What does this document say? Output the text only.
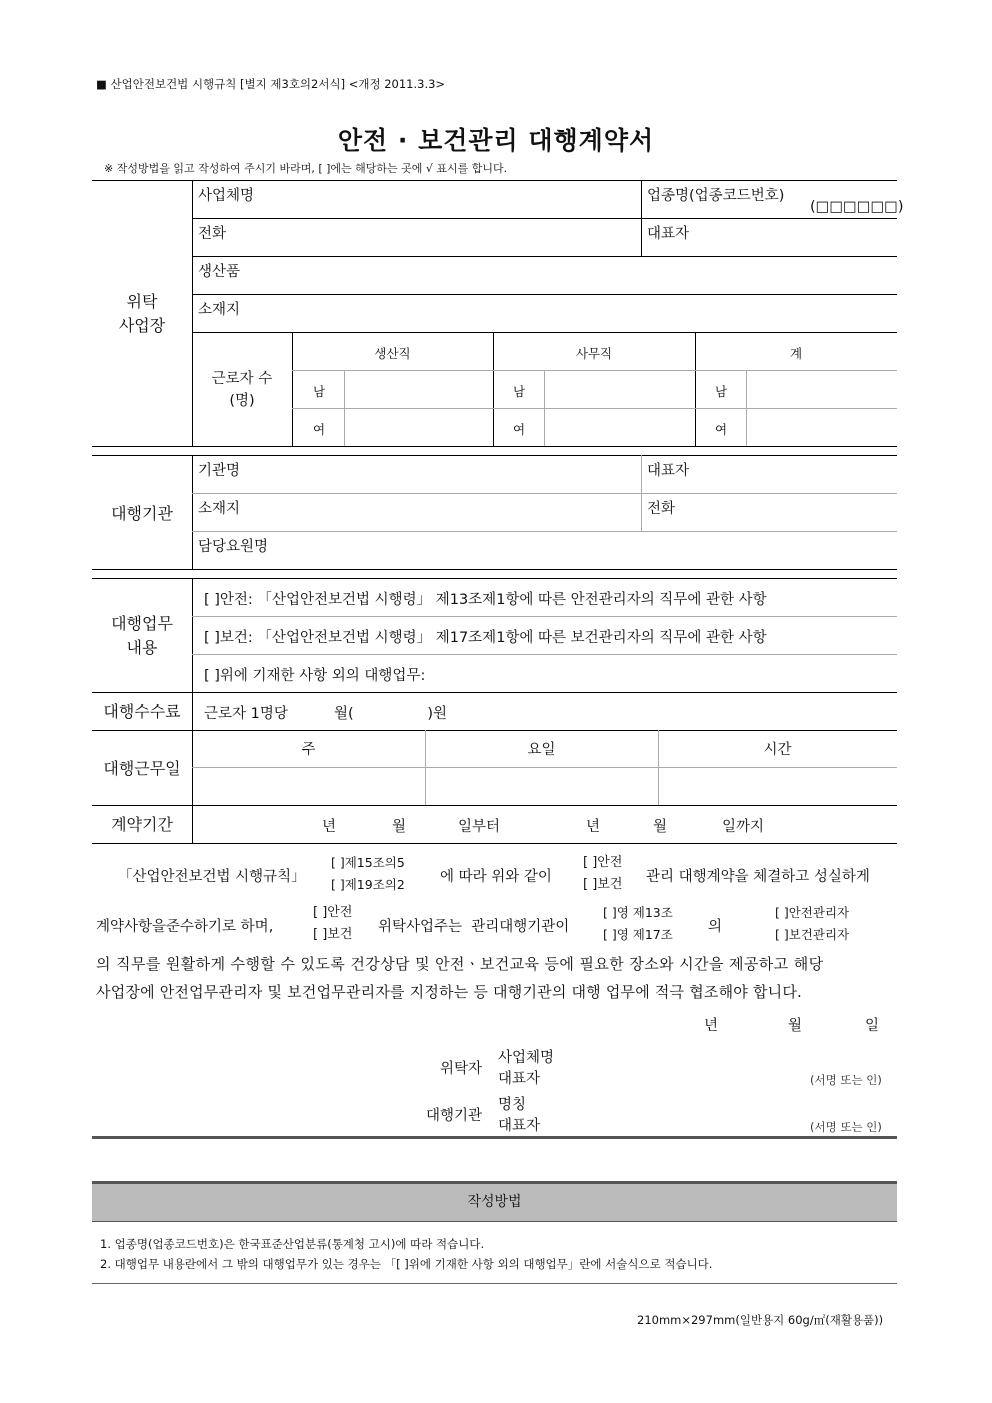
■ 산업안전보건법 시행규칙 [별지 제3호의2서식] <개정 2011.3.3>
안전 · 보건관리 대행계약서
※ 작성방법을 읽고 작성하여 주시기 바라며, [ ]에는 해당하는 곳에 √ 표시를 합니다.
위탁
사업장
사업체명	업종명(업종코드번호)
(□□□□□□)
전화	대표자
생산품
소재지
근로자 수
(명)
생산직	사무직	계
남	남	남
여	여	여
대행기관
기관명	대표자
소재지	전화
담당요원명
대행업무
내용
[ ]안전: 「산업안전보건법 시행령」 제13조제1항에 따른 안전관리자의 직무에 관한 사항
[ ]보건: 「산업안전보건법 시행령」 제17조제1항에 따른 보건관리자의 직무에 관한 사항
[ ]위에 기재한 사항 외의 대행업무:
대행수수료	근로자 1명당          월(                )원
대행근무일
주	요일	시간
계약기간	년	월	일부터	년	월	일까지
「산업안전보건법 시행규칙」
[ ]제15조의5
[ ]제19조의2 에 따라 위와 같이
[ ]안전
[ ]보건 관리 대행계약을 체결하고 성실하게
계약사항을준수하기로 하며,
[ ]안전
[ ]보건 위탁사업주는  관리대행기관이
[ ]영 제13조
[ ]영 제17조 의
[ ]안전관리자
[ ]보건관리자
의 직무를 원활하게 수행할 수 있도록 건강상담 및 안전ㆍ보건교육 등에 필요한 장소와 시간을 제공하고 해당
사업장에 안전업무관리자 및 보건업무관리자를 지정하는 등 대행기관의 대행 업무에 적극 협조해야 합니다.
년	월	일
위탁자
사업체명
대표자	(서명 또는 인)
대행기관
명칭
대표자	(서명 또는 인)
작성방법
1. 업종명(업종코드번호)은 한국표준산업분류(통계청 고시)에 따라 적습니다.
2. 대행업무 내용란에서 그 밖의 대행업무가 있는 경우는 「[ ]위에 기재한 사항 외의 대행업무」란에 서술식으로 적습니다.
210mm×297mm(일반용지 60g/㎡(재활용품))
